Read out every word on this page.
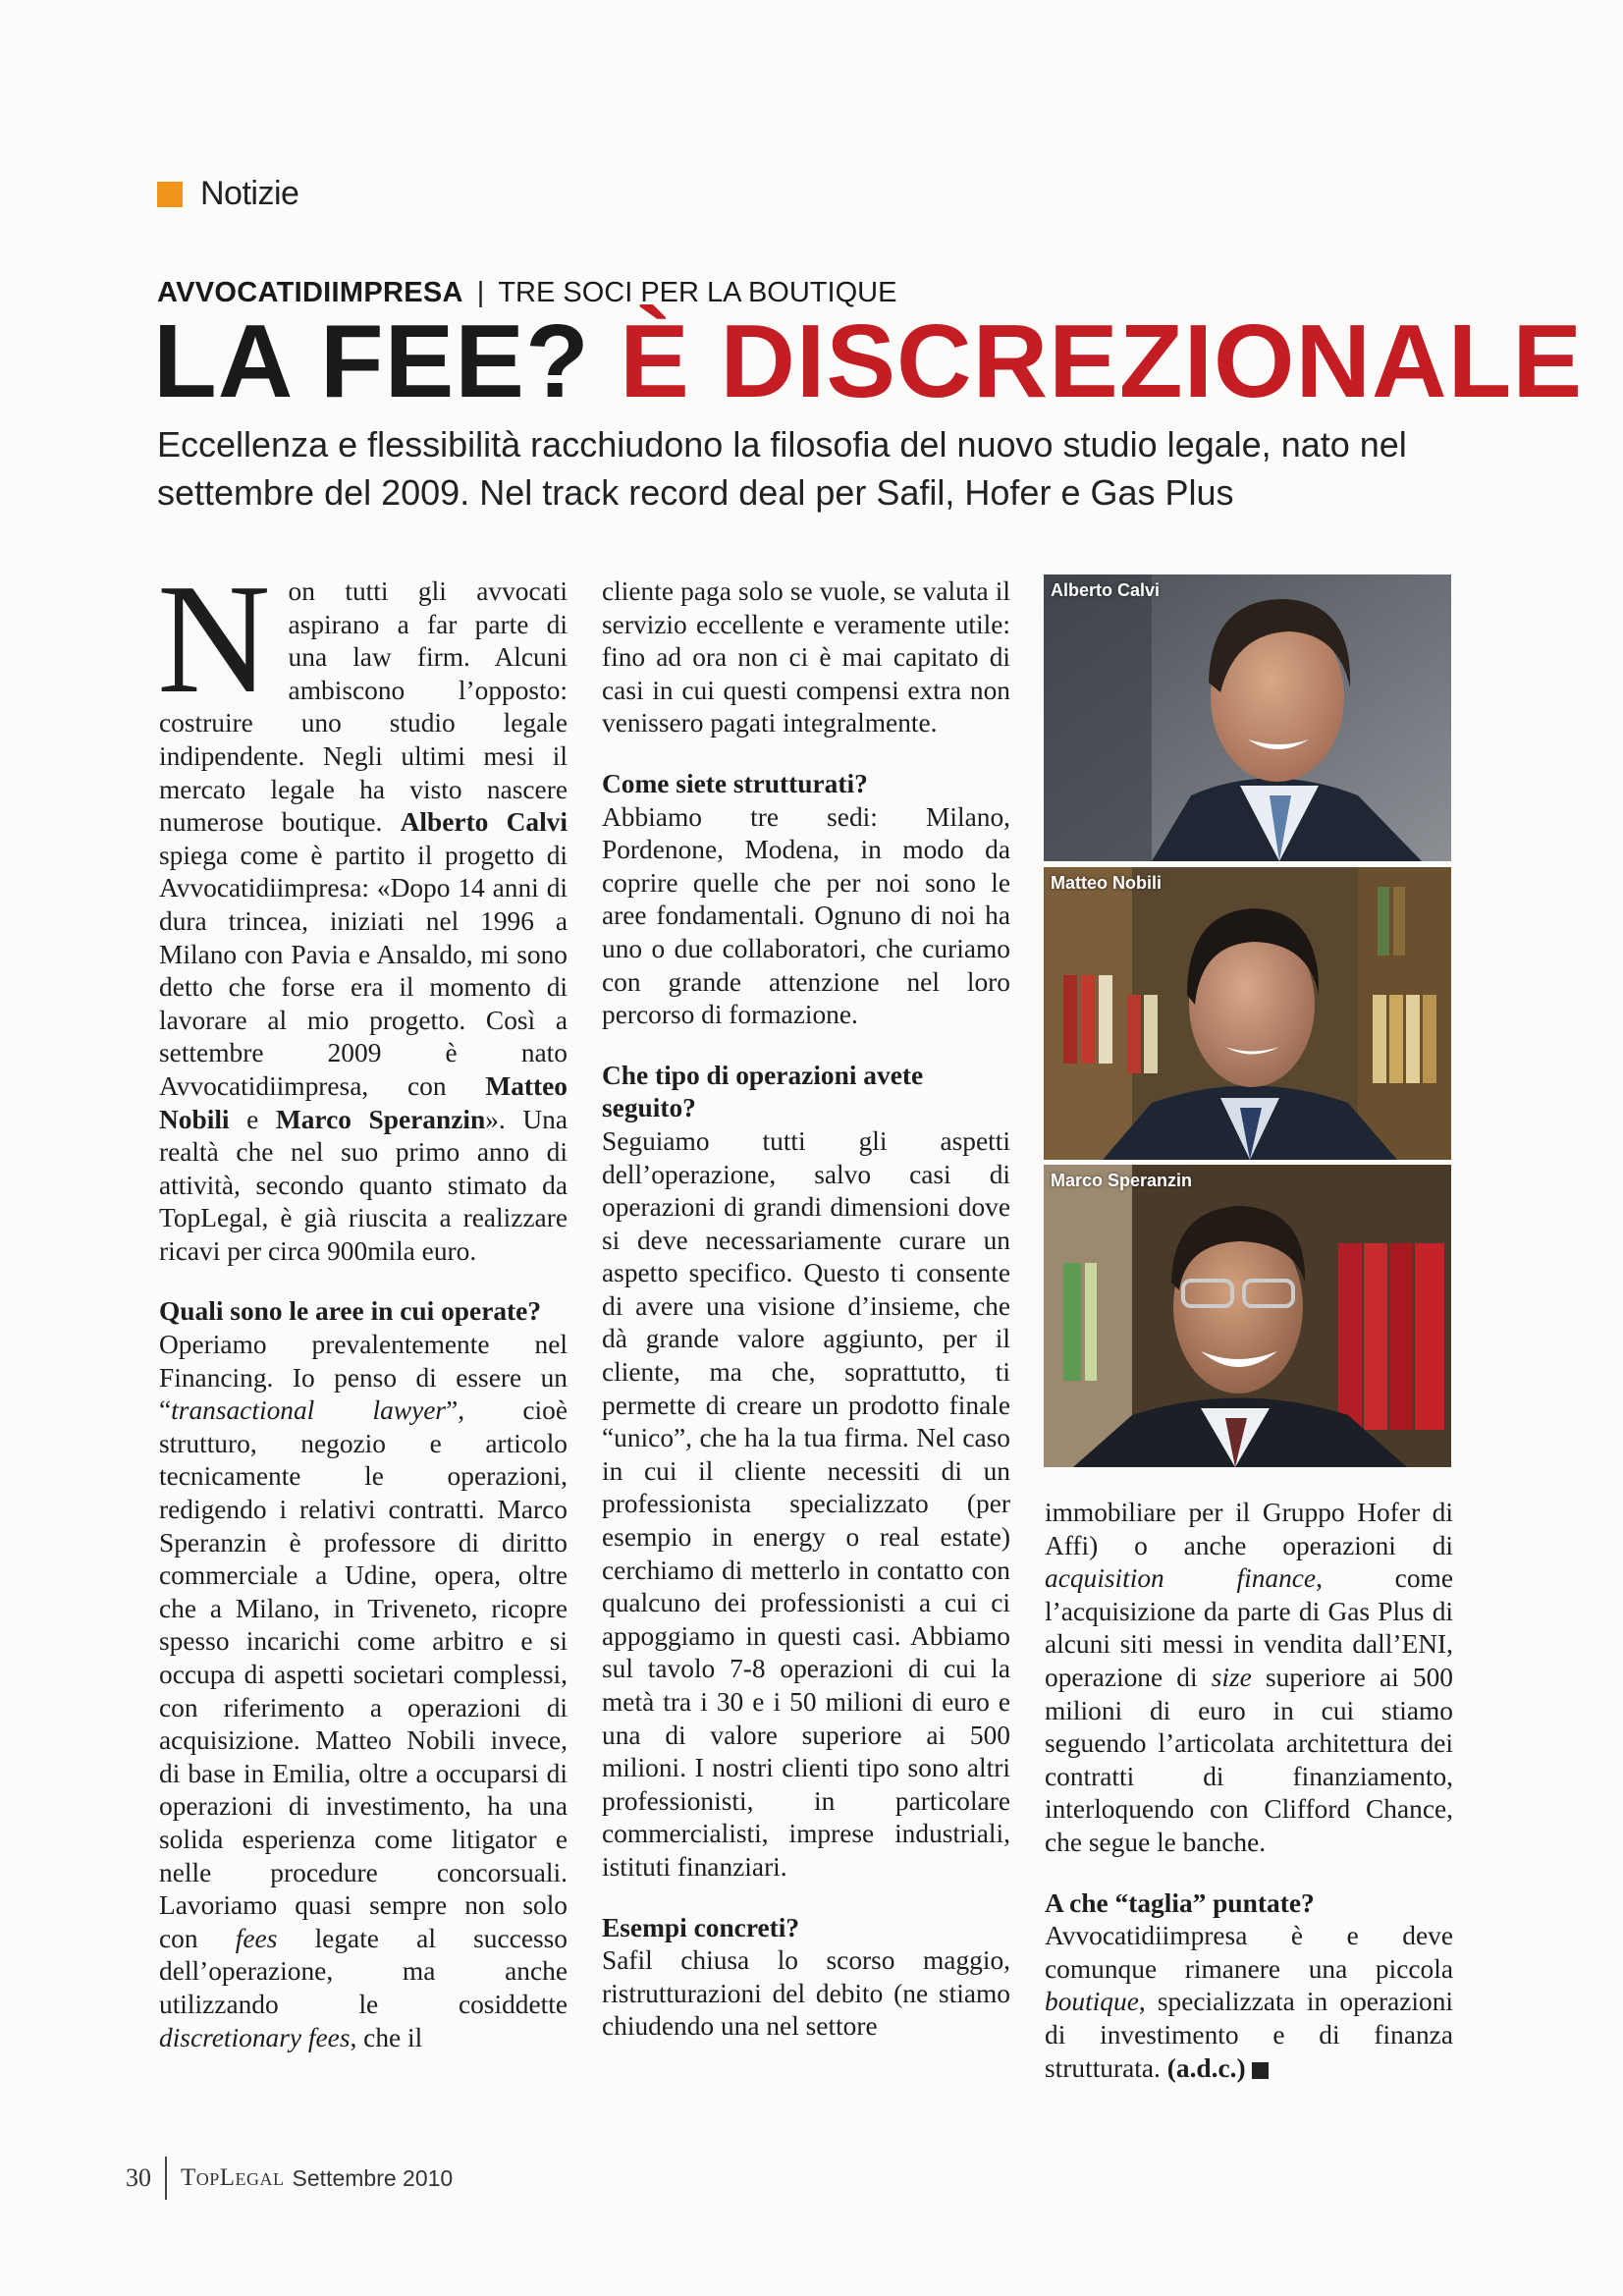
Notizie
AVVOCATIDIIMPRESA | TRE SOCI PER LA BOUTIQUE
LA FEE? È DISCREZIONALE
Eccellenza e flessibilità racchiudono la filosofia del nuovo studio legale, nato nel settembre del 2009. Nel track record deal per Safil, Hofer e Gas Plus

Non tutti gli avvocati aspirano a far parte di una law firm. Alcuni ambiscono l’opposto: costruire uno studio legale indipendente. Negli ultimi mesi il mercato legale ha visto nascere numerose boutique. Alberto Calvi spiega come è partito il progetto di Avvocatidiimpresa: «Dopo 14 anni di dura trincea, iniziati nel 1996 a Milano con Pavia e Ansaldo, mi sono detto che forse era il momento di lavorare al mio progetto. Così a settembre 2009 è nato Avvocatidiimpresa, con Matteo Nobili e Marco Speranzin». Una realtà che nel suo primo anno di attività, secondo quanto stimato da TopLegal, è già riuscita a realizzare ricavi per circa 900mila euro.

Quali sono le aree in cui operate?

Operiamo prevalentemente nel Financing. Io penso di essere un “transactional lawyer”, cioè strutturo, negozio e articolo tecnicamente le operazioni, redigendo i relativi contratti. Marco Speranzin è professore di diritto commerciale a Udine, opera, oltre che a Milano, in Triveneto, ricopre spesso incarichi come arbitro e si occupa di aspetti societari complessi, con riferimento a operazioni di acquisizione. Matteo Nobili invece, di base in Emilia, oltre a occuparsi di operazioni di investimento, ha una solida esperienza come litigator e nelle procedure concorsuali. Lavoriamo quasi sempre non solo con fees legate al successo dell’operazione, ma anche utilizzando le cosiddette discretionary fees, che il

cliente paga solo se vuole, se valuta il servizio eccellente e veramente utile: fino ad ora non ci è mai capitato di casi in cui questi compensi extra non venissero pagati integralmente.

Come siete strutturati?

Abbiamo tre sedi: Milano, Pordenone, Modena, in modo da coprire quelle che per noi sono le aree fondamentali. Ognuno di noi ha uno o due collaboratori, che curiamo con grande attenzione nel loro percorso di formazione.

Che tipo di operazioni avete seguito?

Seguiamo tutti gli aspetti dell’operazione, salvo casi di operazioni di grandi dimensioni dove si deve necessariamente curare un aspetto specifico. Questo ti consente di avere una visione d’insieme, che dà grande valore aggiunto, per il cliente, ma che, soprattutto, ti permette di creare un prodotto finale “unico”, che ha la tua firma. Nel caso in cui il cliente necessiti di un professionista specializzato (per esempio in energy o real estate) cerchiamo di metterlo in contatto con qualcuno dei professionisti a cui ci appoggiamo in questi casi. Abbiamo sul tavolo 7-8 operazioni di cui la metà tra i 30 e i 50 milioni di euro e una di valore superiore ai 500 milioni. I nostri clienti tipo sono altri professionisti, in particolare commercialisti, imprese industriali, istituti finanziari.

Esempi concreti?

Safil chiusa lo scorso maggio, ristrutturazioni del debito (ne stiamo chiudendo una nel settore

Alberto Calvi
Matteo Nobili
Marco Speranzin

immobiliare per il Gruppo Hofer di Affi) o anche operazioni di acquisition finance, come l’acquisizione da parte di Gas Plus di alcuni siti messi in vendita dall’ENI, operazione di size superiore ai 500 milioni di euro in cui stiamo seguendo l’articolata architettura dei contratti di finanziamento, interloquendo con Clifford Chance, che segue le banche.

A che “taglia” puntate?

Avvocatidiimpresa è e deve comunque rimanere una piccola boutique, specializzata in operazioni di investimento e di finanza strutturata. (a.d.c.)

30 TopLegal Settembre 2010
